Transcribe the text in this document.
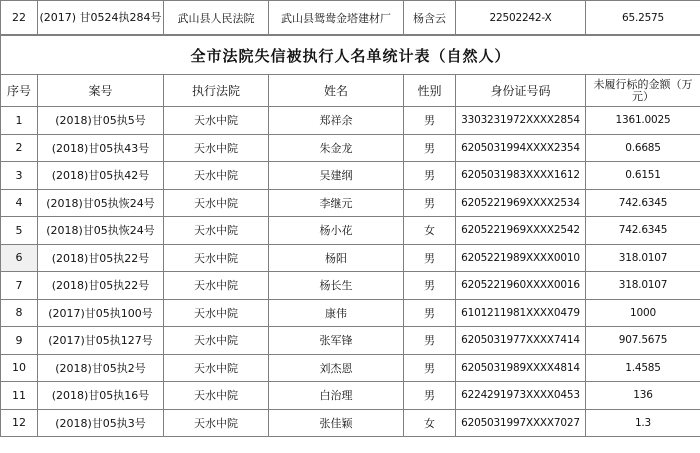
22	(2017) 甘0524执284号	武山县人民法院	武山县鸳鸯金塔建材厂	杨含云	22502242-X	65.2575
全市法院失信被执行人名单统计表（自然人）						
序号	案号	执行法院	姓名	性别	身份证号码	未履行标的金额（万元）
1	(2018)甘05执5号	天水中院	郑祥余	男	3303231972XXXX2854	1361.0025
2	(2018)甘05执43号	天水中院	朱金龙	男	6205031994XXXX2354	0.6685
3	(2018)甘05执42号	天水中院	吴建纲	男	6205031983XXXX1612	0.6151
4	(2018)甘05执恢24号	天水中院	李继元	男	6205221969XXXX2534	742.6345
5	(2018)甘05执恢24号	天水中院	杨小花	女	6205221969XXXX2542	742.6345
6	(2018)甘05执22号	天水中院	杨阳	男	6205221989XXXX0010	318.0107
7	(2018)甘05执22号	天水中院	杨长生	男	6205221960XXXX0016	318.0107
8	(2017)甘05执100号	天水中院	康伟	男	6101211981XXXX0479	1000
9	(2017)甘05执127号	天水中院	张军锋	男	6205031977XXXX7414	907.5675
10	(2018)甘05执2号	天水中院	刘杰恩	男	6205031989XXXX4814	1.4585
11	(2018)甘05执16号	天水中院	白治理	男	6224291973XXXX0453	136
12	(2018)甘05执3号	天水中院	张佳颖	女	6205031997XXXX7027	1.3
